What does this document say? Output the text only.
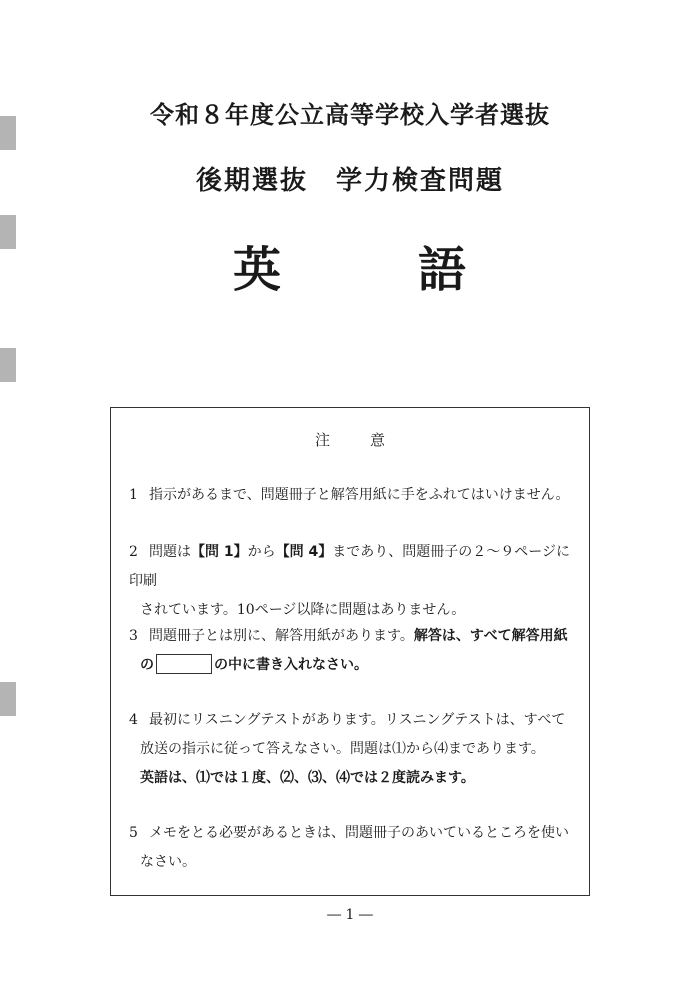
令和８年度公立高等学校入学者選抜
後期選抜　学力検査問題
英	語
注意
1 指示があるまで、問題冊子と解答用紙に手をふれてはいけません。
2 問題は【問 1】から【問 4】まであり、問題冊子の２～９ページに印刷
されています。10ページ以降に問題はありません。
3 問題冊子とは別に、解答用紙があります。解答は、すべて解答用紙
の	の中に書き入れなさい。
4 最初にリスニングテストがあります。リスニングテストは、すべて
放送の指示に従って答えなさい。問題は⑴から⑷まであります。
英語は、⑴では１度、⑵、⑶、⑷では２度読みます。
5 メモをとる必要があるときは、問題冊子のあいているところを使い
なさい。
― 1 ―
